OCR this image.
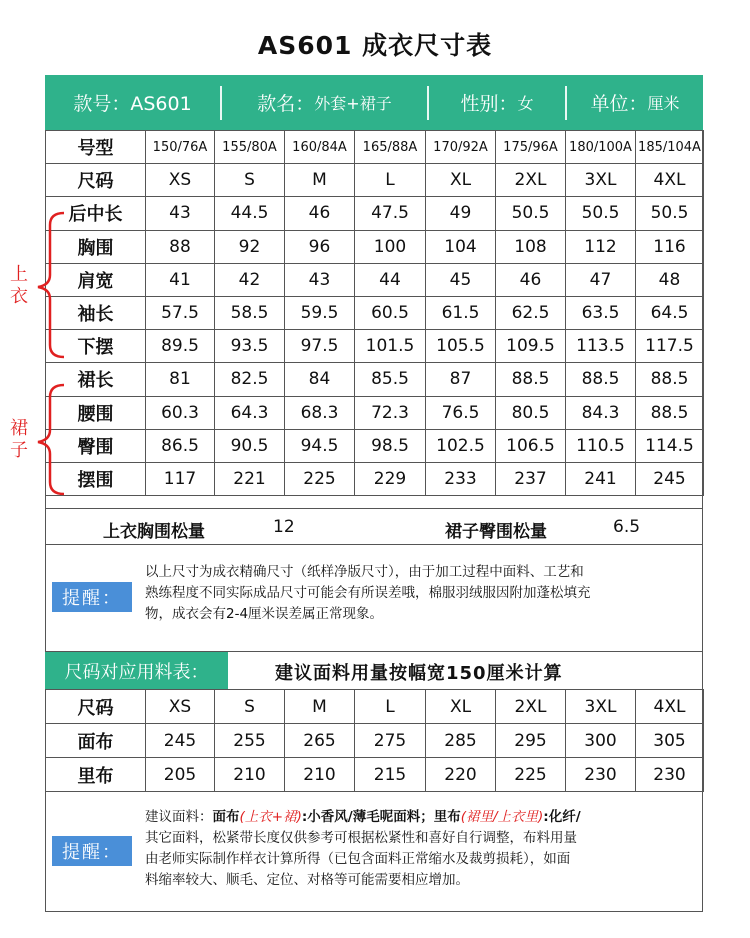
AS601 成衣尺寸表
款号：AS601	款名： 外套+裙子	性别： 女	单位： 厘米
号型	150/76A	155/80A	160/84A	165/88A	170/92A	175/96A	180/100A	185/104A
尺码	XS	S	M	L	XL	2XL	3XL	4XL
后中长	43	44.5	46	47.5	49	50.5	50.5	50.5
胸围	88	92	96	100	104	108	112	116
肩宽	41	42	43	44	45	46	47	48
袖长	57.5	58.5	59.5	60.5	61.5	62.5	63.5	64.5
下摆	89.5	93.5	97.5	101.5	105.5	109.5	113.5	117.5
裙长	81	82.5	84	85.5	87	88.5	88.5	88.5
腰围	60.3	64.3	68.3	72.3	76.5	80.5	84.3	88.5
臀围	86.5	90.5	94.5	98.5	102.5	106.5	110.5	114.5
摆围	117	221	225	229	233	237	241	245
上衣
裙子
上衣胸围松量	12	裙子臀围松量	6.5
提醒：
以上尺寸为成衣精确尺寸（纸样净版尺寸），由于加工过程中面料、工艺和
熟练程度不同实际成品尺寸可能会有所误差哦，棉服羽绒服因附加蓬松填充
物，成衣会有2-4厘米误差属正常现象。
尺码对应用料表：	建议面料用量按幅宽150厘米计算
尺码	XS	S	M	L	XL	2XL	3XL	4XL
面布	245	255	265	275	285	295	300	305
里布	205	210	210	215	220	225	230	230
提醒：
建议面料：面布(上衣+裙):小香风/薄毛呢面料；里布(裙里/上衣里):化纤/
其它面料，松紧带长度仅供参考可根据松紧性和喜好自行调整，布料用量
由老师实际制作样衣计算所得（已包含面料正常缩水及裁剪损耗），如面
料缩率较大、顺毛、定位、对格等可能需要相应增加。
